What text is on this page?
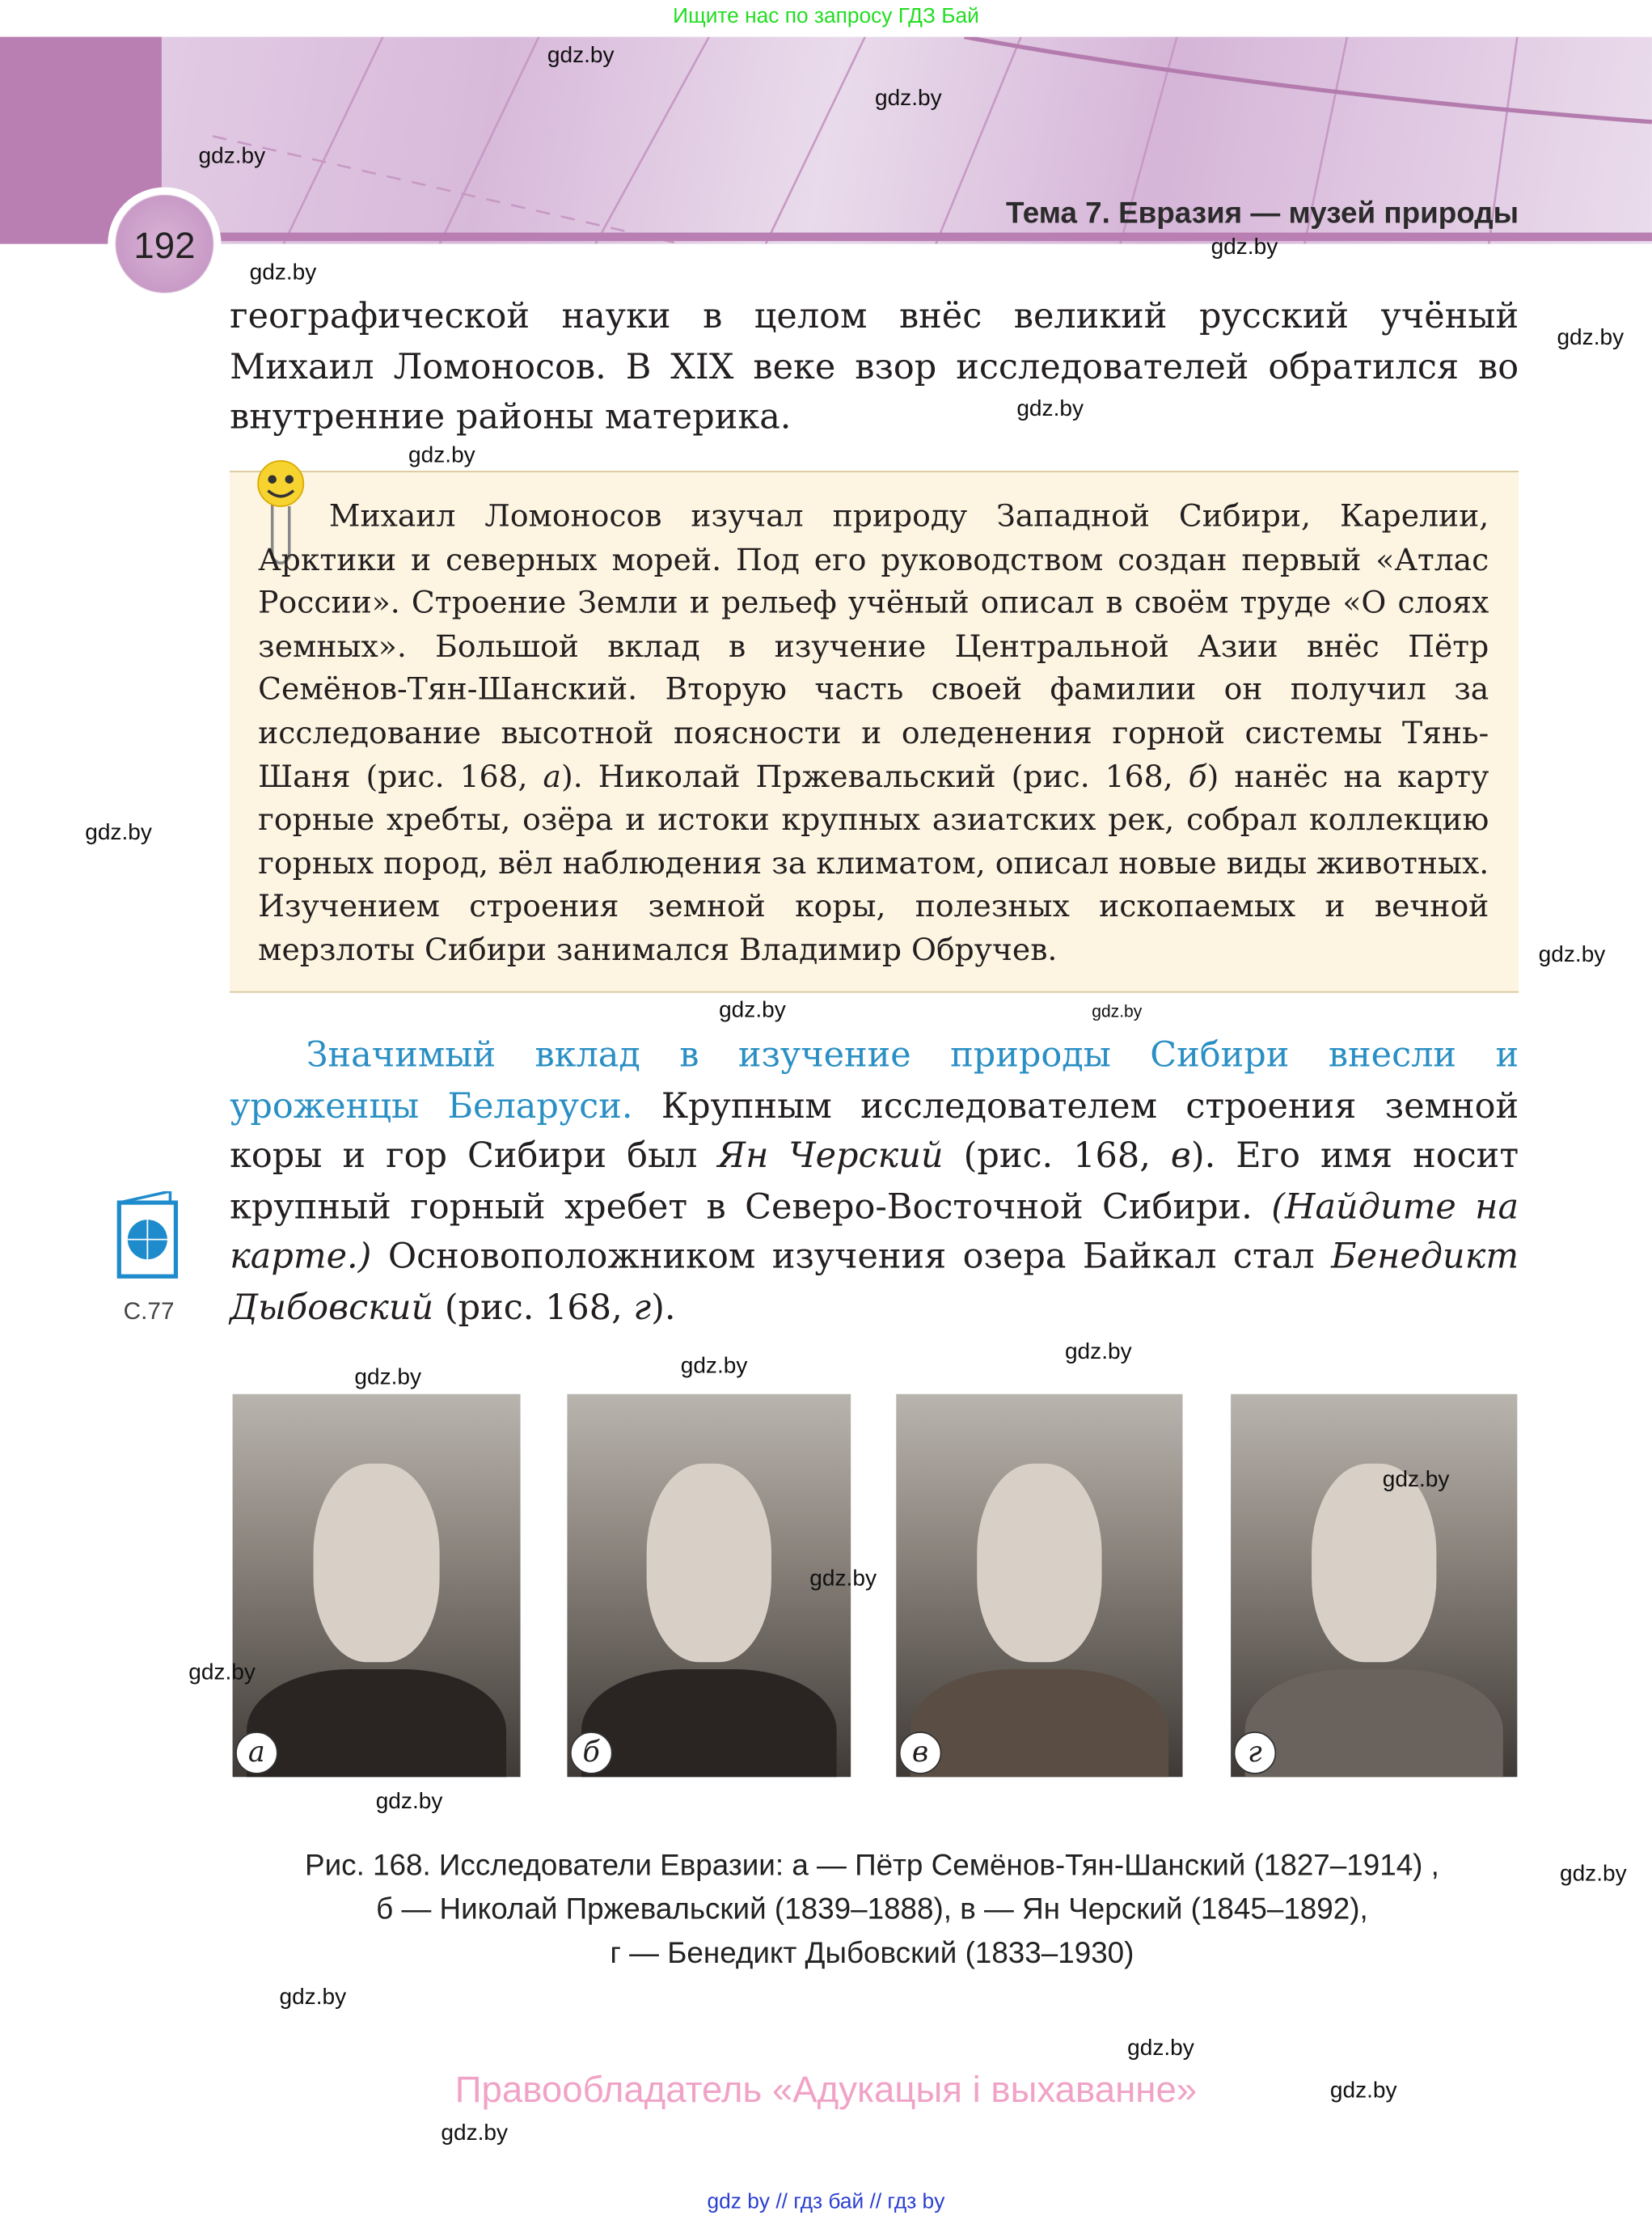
Ищите нас по запросу ГДЗ Бай
192
Тема 7. Евразия — музей природы
географической науки в целом внёс великий русский учёный Михаил Ломоносов. В XIX веке взор исследователей обратился во внутренние районы материка.
Михаил Ломоносов изучал природу Западной Сибири, Карелии, Арктики и северных морей. Под его руководством создан первый «Атлас России». Строение Земли и рельеф учёный описал в своём труде «О слоях земных». Большой вклад в изучение Центральной Азии внёс Пётр Семёнов-Тян-Шанский. Вторую часть своей фамилии он получил за исследование высотной поясности и оледенения горной системы Тянь-Шаня (рис. 168, а). Николай Пржевальский (рис. 168, б) нанёс на карту горные хребты, озёра и истоки крупных азиатских рек, собрал коллекцию горных пород, вёл наблюдения за климатом, описал новые виды животных. Изучением строения земной коры, полезных ископаемых и вечной мерзлоты Сибири занимался Владимир Обручев.
Значимый вклад в изучение природы Сибири внесли и уроженцы Беларуси. Крупным исследователем строения земной коры и гор Сибири был Ян Черский (рис. 168, в). Его имя носит крупный горный хребет в Северо-Восточной Сибири. (Найдите на карте.) Основоположником изучения озера Байкал стал Бенедикт Дыбовский (рис. 168, г).
С.77
а	б	в	г
Рис. 168. Исследователи Евразии: а — Пётр Семёнов-Тян-Шанский (1827–1914) ,
б — Николай Пржевальский (1839–1888), в — Ян Черский (1845–1892),
г — Бенедикт Дыбовский (1833–1930)
Правообладатель «Адукацыя і выхаванне»
gdz by // гдз бай // гдз by
gdz.by
gdz.by
gdz.by
gdz.by
gdz.by
gdz.by
gdz.by
gdz.by
gdz.by
gdz.by
gdz.by	gdz.by
gdz.by
gdz.by
gdz.by
gdz.by
gdz.by
gdz.by
gdz.by
gdz.by
gdz.by
gdz.by
gdz.by
gdz.by
